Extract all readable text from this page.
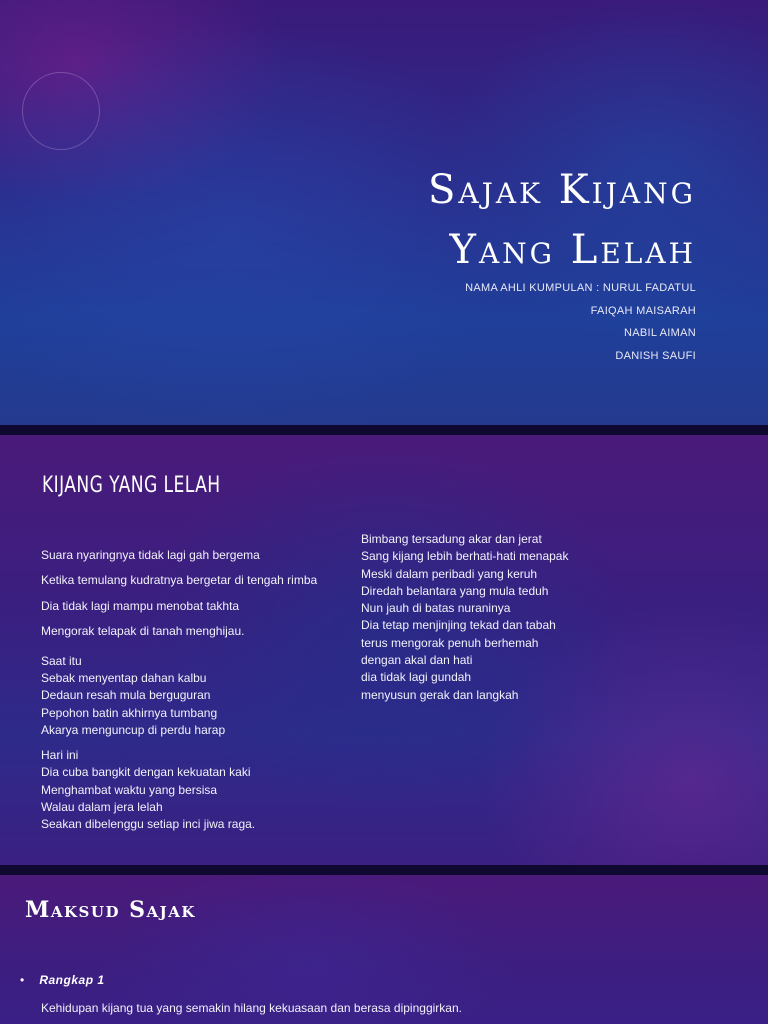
Sajak Kijang
Yang Lelah
NAMA AHLI KUMPULAN : NURUL FADATUL
FAIQAH MAISARAH
NABIL AIMAN
DANISH SAUFI
KIJANG YANG LELAH
Suara nyaringnya tidak lagi gah bergema
Ketika temulang kudratnya bergetar di tengah rimba
Dia tidak lagi mampu menobat takhta
Mengorak telapak di tanah menghijau.
Saat itu
Sebak menyentap dahan kalbu
Dedaun resah mula berguguran
Pepohon batin akhirnya tumbang
Akarya menguncup di perdu harap
Hari ini
Dia cuba bangkit dengan kekuatan kaki
Menghambat waktu yang bersisa
Walau dalam jera lelah
Seakan dibelenggu setiap inci jiwa raga.
Bimbang tersadung akar dan jerat
Sang kijang lebih berhati-hati menapak
Meski dalam peribadi yang keruh
Diredah belantara yang mula teduh
Nun jauh di batas nuraninya
Dia tetap menjinjing tekad dan tabah
terus mengorak penuh berhemah
dengan akal dan hati
dia tidak lagi gundah
menyusun gerak dan langkah
Maksud Sajak
• Rangkap 1
Kehidupan kijang tua yang semakin hilang kekuasaan dan berasa dipinggirkan.
